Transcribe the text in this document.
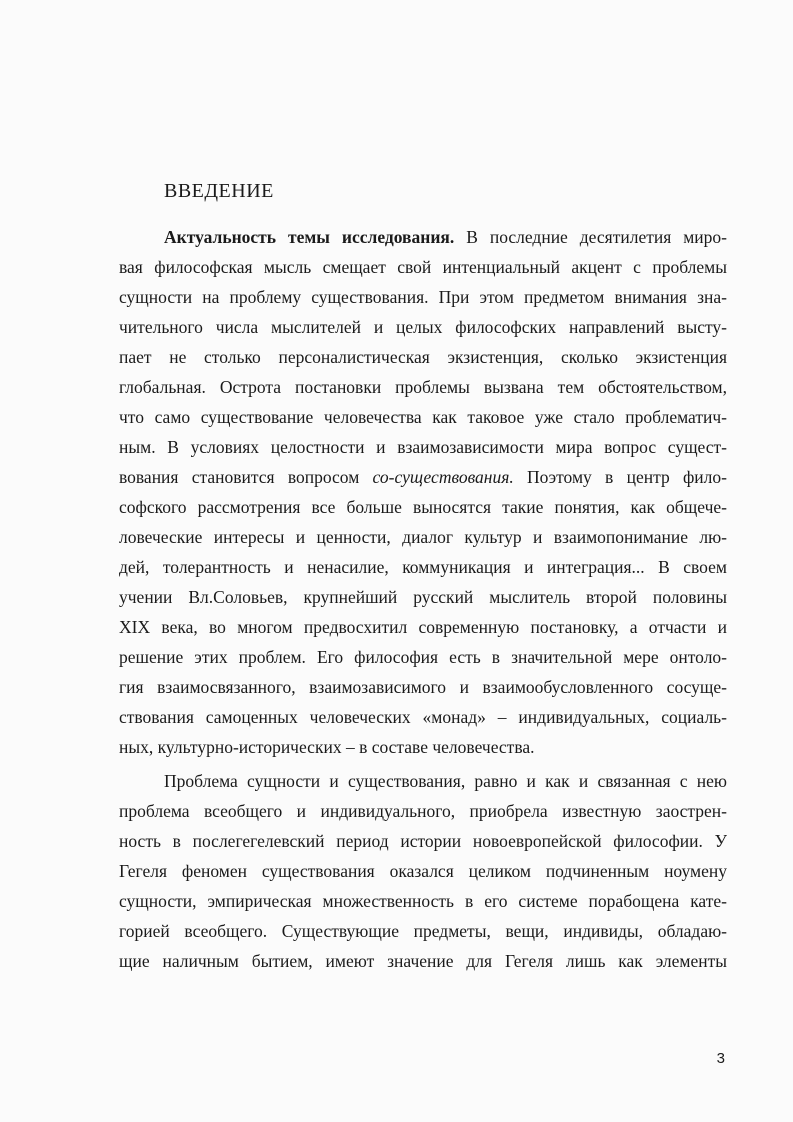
ВВЕДЕНИЕ
Актуальность темы исследования. В последние десятилетия миро-
вая философская мысль смещает свой интенциальный акцент с проблемы
сущности на проблему существования. При этом предметом внимания зна-
чительного числа мыслителей и целых философских направлений высту-
пает не столько персоналистическая экзистенция, сколько экзистенция
глобальная. Острота постановки проблемы вызвана тем обстоятельством,
что само существование человечества как таковое уже стало проблематич-
ным. В условиях целостности и взаимозависимости мира вопрос сущест-
вования становится вопросом со-существования. Поэтому в центр фило-
софского рассмотрения все больше выносятся такие понятия, как общече-
ловеческие интересы и ценности, диалог культур и взаимопонимание лю-
дей, толерантность и ненасилие, коммуникация и интеграция... В своем
учении Вл.Соловьев, крупнейший русский мыслитель второй половины
XIX века, во многом предвосхитил современную постановку, а отчасти и
решение этих проблем. Его философия есть в значительной мере онтоло-
гия взаимосвязанного, взаимозависимого и взаимообусловленного сосуще-
ствования самоценных человеческих «монад» – индивидуальных, социаль-
ных, культурно-исторических – в составе человечества.
Проблема сущности и существования, равно и как и связанная с нею
проблема всеобщего и индивидуального, приобрела известную заострен-
ность в послегегелевский период истории новоевропейской философии. У
Гегеля феномен существования оказался целиком подчиненным ноумену
сущности, эмпирическая множественность в его системе порабощена кате-
горией всеобщего. Существующие предметы, вещи, индивиды, обладаю-
щие наличным бытием, имеют значение для Гегеля лишь как элементы
3
